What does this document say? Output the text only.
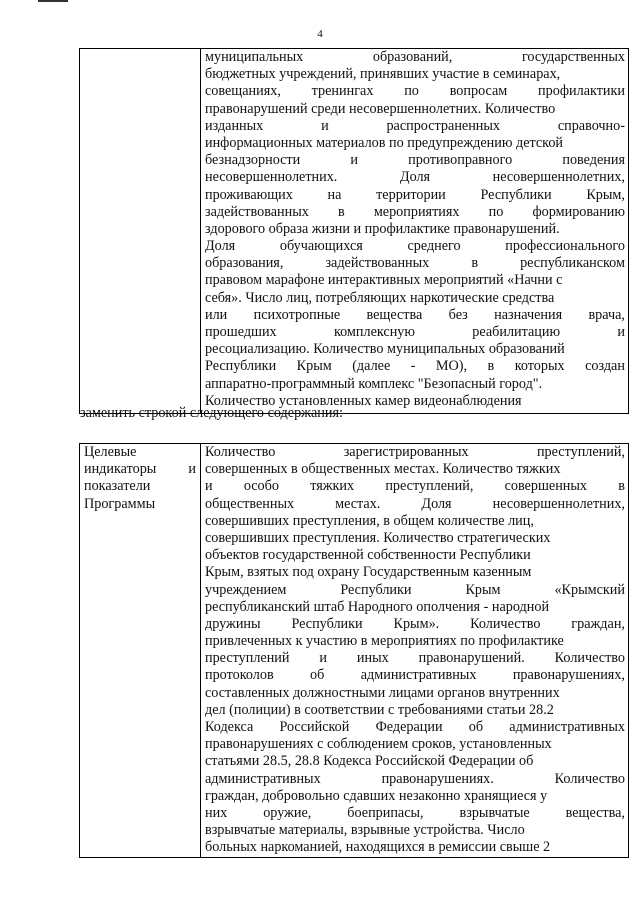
4

муниципальных	образований,	государственных
бюджетных учреждений, принявших участие в семинарах,
совещаниях, тренингах по вопросам профилактики
правонарушений среди несовершеннолетних. Количество
изданных	и	распространенных	справочно-
информационных материалов по предупреждению детской
безнадзорности	и	противоправного	поведения
несовершеннолетних.	Доля	несовершеннолетних,
проживающих на территории Республики Крым,
задействованных в мероприятиях по формированию
здорового образа жизни и профилактике правонарушений.
Доля	обучающихся	среднего	профессионального
образования,	задействованных	в	республиканском
правовом марафоне интерактивных мероприятий «Начни с
себя». Число лиц, потребляющих наркотические средства
или психотропные вещества без назначения врача,
прошедших	комплексную	реабилитацию	и
ресоциализацию. Количество муниципальных образований
Республики Крым (далее - МО), в которых создан
аппаратно-программный комплекс "Безопасный город".
Количество установленных камер видеонаблюдения
заменить строкой следующего содержания:
Целевые
индикаторы и
показатели
Программы

Количество	зарегистрированных	преступлений,
совершенных в общественных местах. Количество тяжких
и особо тяжких преступлений, совершенных в
общественных	местах.	Доля	несовершеннолетних,
совершивших преступления, в общем количестве лиц,
совершивших преступления. Количество стратегических
объектов государственной собственности Республики
Крым, взятых под охрану Государственным казенным
учреждением	Республики	Крым	«Крымский
республиканский штаб Народного ополчения - народной
дружины Республики Крым». Количество граждан,
привлеченных к участию в мероприятиях по профилактике
преступлений и иных правонарушений. Количество
протоколов	об	административных	правонарушениях,
составленных должностными лицами органов внутренних
дел (полиции) в соответствии с требованиями статьи 28.2
Кодекса Российской Федерации об административных
правонарушениях с соблюдением сроков, установленных
статьями 28.5, 28.8 Кодекса Российской Федерации об
административных	правонарушениях.	Количество
граждан, добровольно сдавших незаконно хранящиеся у
них	оружие,	боеприпасы,	взрывчатые	вещества,
взрывчатые материалы, взрывные устройства. Число
больных наркоманией, находящихся в ремиссии свыше 2
